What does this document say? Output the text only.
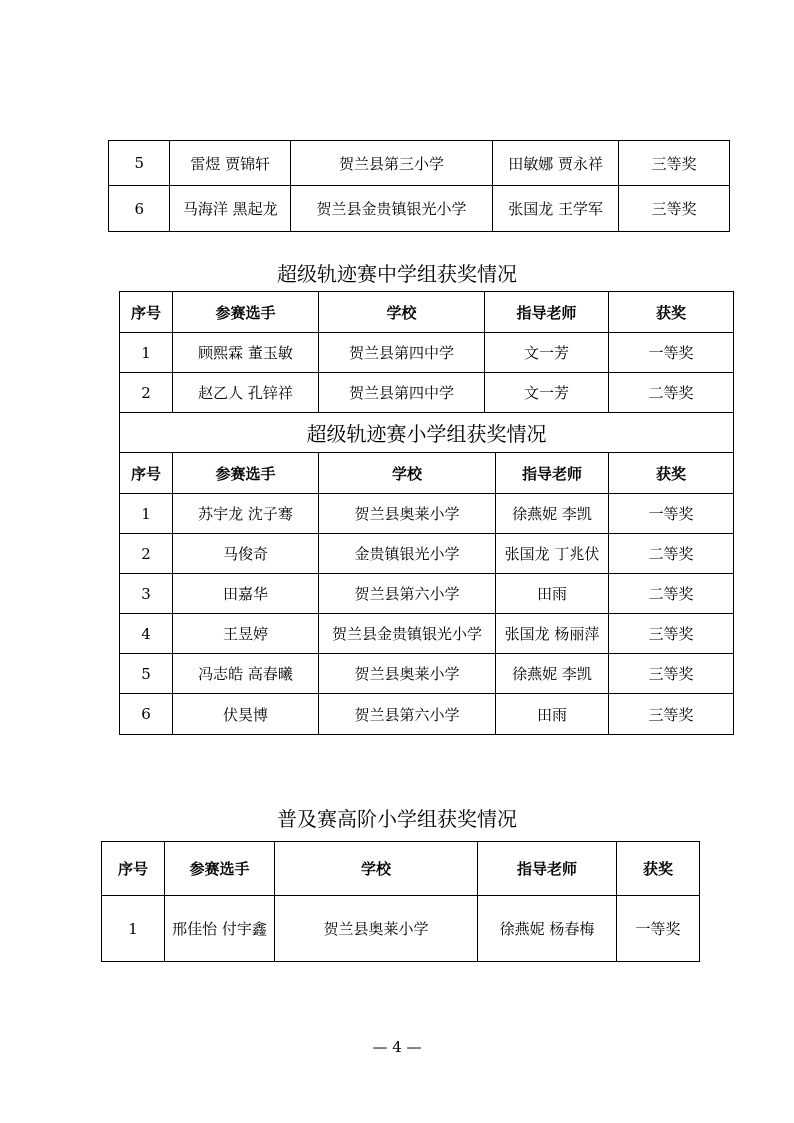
5	雷煜 贾锦轩	贺兰县第三小学	田敏娜 贾永祥	三等奖
6	马海洋 黑起龙	贺兰县金贵镇银光小学	张国龙 王学军	三等奖
超级轨迹赛中学组获奖情况
序号	参赛选手	学校	指导老师		获奖
1	顾熙霖 董玉敏	贺兰县第四中学	文一芳		一等奖
2	赵乙人 孔锌祥	贺兰县第四中学	文一芳		二等奖
超级轨迹赛小学组获奖情况					
序号	参赛选手	学校		指导老师	获奖
1	苏宇龙 沈子骞	贺兰县奥莱小学		徐燕妮 李凯	一等奖
2	马俊奇	金贵镇银光小学		张国龙 丁兆伏	二等奖
3	田嘉华	贺兰县第六小学		田雨	二等奖
4	王昱婷	贺兰县金贵镇银光小学		张国龙 杨丽萍	三等奖
5	冯志皓 高春曦	贺兰县奥莱小学		徐燕妮 李凯	三等奖
6	伏昊博	贺兰县第六小学		田雨	三等奖
普及赛高阶小学组获奖情况
序号	参赛选手	学校	指导老师	获奖
1	邢佳怡 付宇鑫	贺兰县奥莱小学	徐燕妮 杨春梅	一等奖
— 4 —
